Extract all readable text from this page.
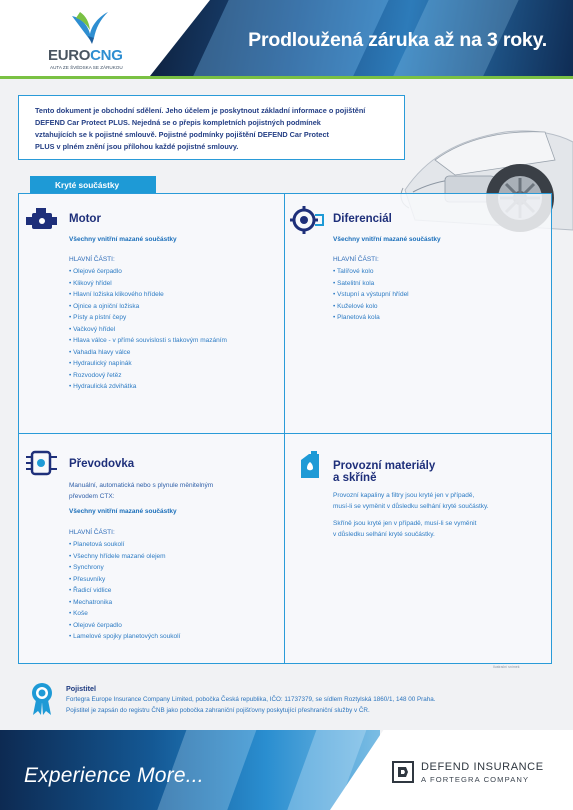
Prodloužená záruka až na 3 roky.
EUROCNG
AUTA ZE ŠVÉDSKA SE ZÁRUKOU

Tento dokument je obchodní sdělení. Jeho účelem je poskytnout základní informace o pojištění

DEFEND Car Protect PLUS. Nejedná se o přepis kompletních pojistných podmínek

vztahujících se k pojistné smlouvě. Pojistné podmínky pojištění DEFEND Car Protect

PLUS v plném znění jsou přílohou každé pojistné smlouvy.

Kryté součástky
Motor
Všechny vnitřní mazané součástky
HLAVNÍ ČÁSTI:
• Olejové čerpadlo
• Klikový hřídel
• Hlavní ložiska klikového hřídele
• Ojnice a ojniční ložiska
• Písty a pístní čepy
• Vačkový hřídel
• Hlava válce - v přímé souvislosti s tlakovým mazáním
• Vahadla hlavy válce
• Hydraulický napínák
• Rozvodový řetěz
• Hydraulická zdvihátka
Diferenciál
Všechny vnitřní mazané součástky
HLAVNÍ ČÁSTI:
• Talířové kolo
• Satelitní kola
• Vstupní a výstupní hřídel
• Kuželové kolo
• Planetová kola
Převodovka
Manuální, automatická nebo s plynule měnitelným
převodem CTX:
Všechny vnitřní mazané součástky
HLAVNÍ ČÁSTI:
• Planetová soukolí
• Všechny hřídele mazané olejem
• Synchrony
• Přesuvníky
• Řadicí vidlice
• Mechatronika
• Koše
• Olejové čerpadlo
• Lamelové spojky planetových soukolí
Provozní materiály
a skříně
Provozní kapaliny a filtry jsou kryté jen v případě,
musí-li se vyměnit v důsledku selhání kryté součástky.
Skříně jsou kryté jen v případě, musí-li se vyměnit
v důsledku selhání kryté součástky.
Ilustrační snímek
Pojistitel
Fortegra Europe Insurance Company Limited, pobočka Česká republika, IČO: 11737379, se sídlem Roztylská 1860/1, 148 00 Praha.
Pojistitel je zapsán do registru ČNB jako pobočka zahraniční pojišťovny poskytující přeshraniční služby v ČR.
Experience More...	DEFEND INSURANCE
A FORTEGRA COMPANY
